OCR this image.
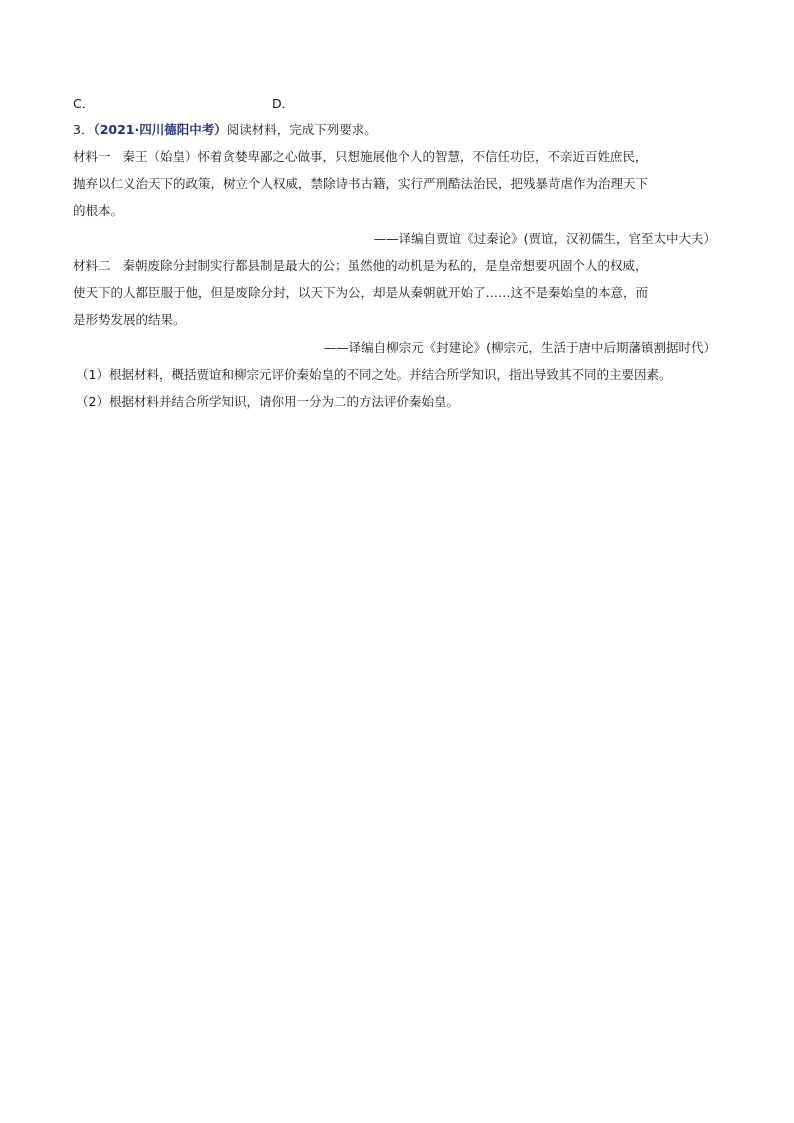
C．	D．
3．（2021·四川德阳中考）阅读材料，完成下列要求。
材料一 秦王（始皇）怀着贪婪卑鄙之心做事，只想施展他个人的智慧，不信任功臣，不亲近百姓庶民，
抛弃以仁义治天下的政策，树立个人权威，禁除诗书古籍，实行严刑酷法治民，把残暴苛虐作为治理天下
的根本。
——译编自贾谊《过秦论》(贾谊，汉初儒生，官至太中大夫）
材料二 秦朝废除分封制实行都县制是最大的公；虽然他的动机是为私的，是皇帝想要巩固个人的权威，
使天下的人都臣服于他，但是废除分封，以天下为公，却是从秦朝就开始了……这不是秦始皇的本意，而
是形势发展的结果。
——译编自柳宗元《封建论》(柳宗元，生活于唐中后期藩镇割据时代）
（1）根据材料，概括贾谊和柳宗元评价秦始皇的不同之处。并结合所学知识，指出导致其不同的主要因素。
（2）根据材料并结合所学知识，请你用一分为二的方法评价秦始皇。
